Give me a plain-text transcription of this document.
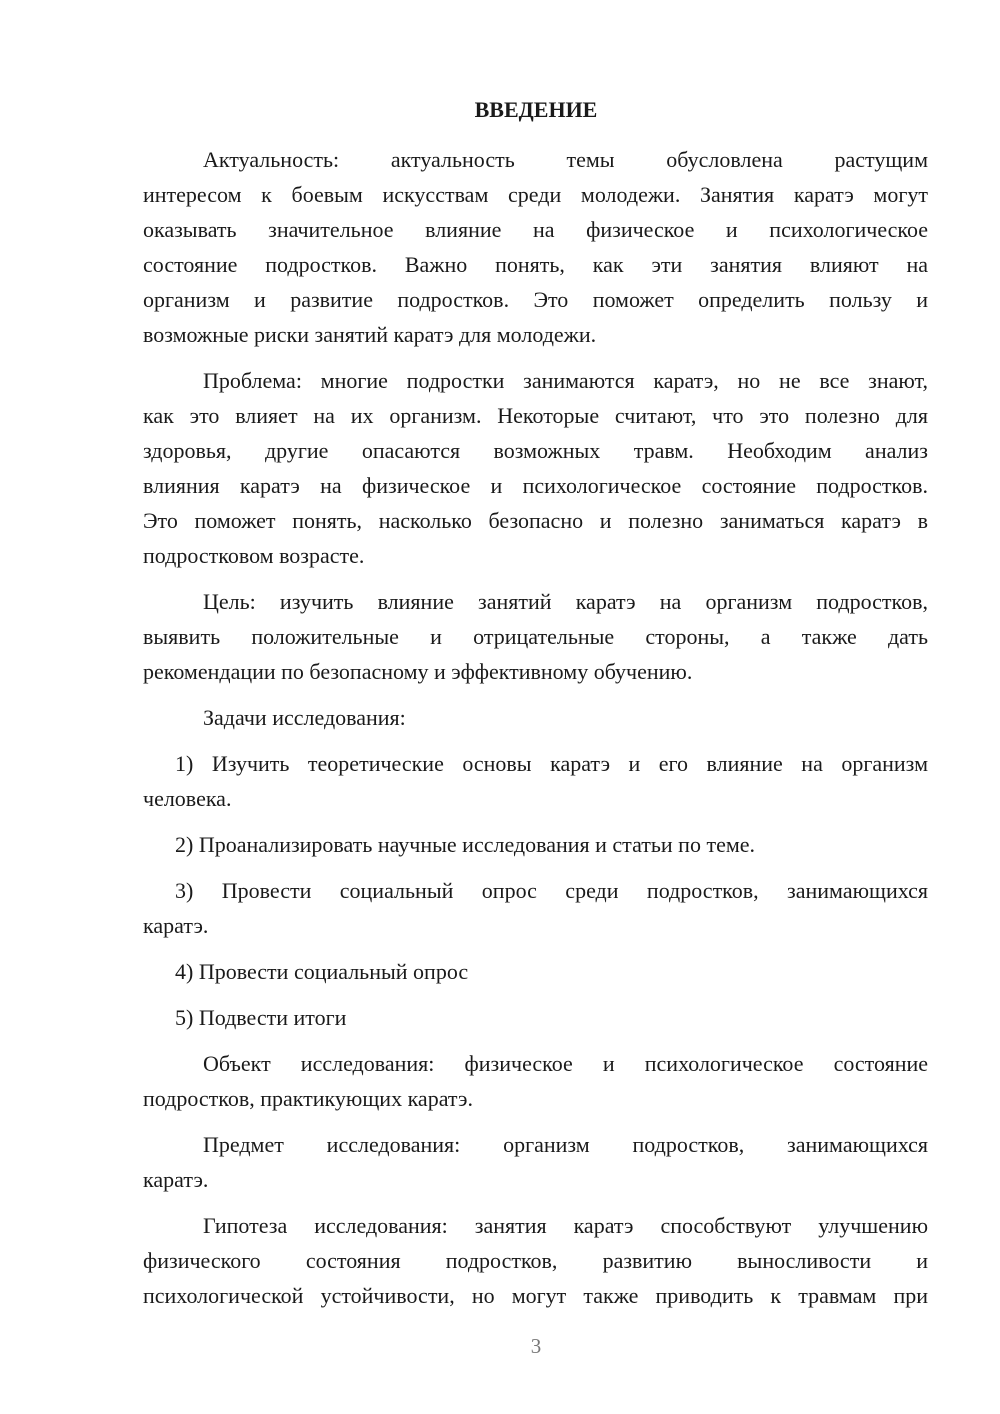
ВВЕДЕНИЕ
Актуальность: актуальность темы обусловлена растущим
интересом к боевым искусствам среди молодежи. Занятия каратэ могут
оказывать значительное влияние на физическое и психологическое
состояние подростков. Важно понять, как эти занятия влияют на
организм и развитие подростков. Это поможет определить пользу и
возможные риски занятий каратэ для молодежи.
Проблема: многие подростки занимаются каратэ, но не все знают,
как это влияет на их организм. Некоторые считают, что это полезно для
здоровья, другие опасаются возможных травм. Необходим анализ
влияния каратэ на физическое и психологическое состояние подростков.
Это поможет понять, насколько безопасно и полезно заниматься каратэ в
подростковом возрасте.
Цель: изучить влияние занятий каратэ на организм подростков,
выявить положительные и отрицательные стороны, а также дать
рекомендации по безопасному и эффективному обучению.
Задачи исследования:
1) Изучить теоретические основы каратэ и его влияние на организм
человека.
2) Проанализировать научные исследования и статьи по теме.
3) Провести социальный опрос среди подростков, занимающихся
каратэ.
4) Провести социальный опрос
5) Подвести итоги
Объект исследования: физическое и психологическое состояние
подростков, практикующих каратэ.
Предмет исследования: организм подростков, занимающихся
каратэ.
Гипотеза исследования: занятия каратэ способствуют улучшению
физического состояния подростков, развитию выносливости и
психологической устойчивости, но могут также приводить к травмам при
3
